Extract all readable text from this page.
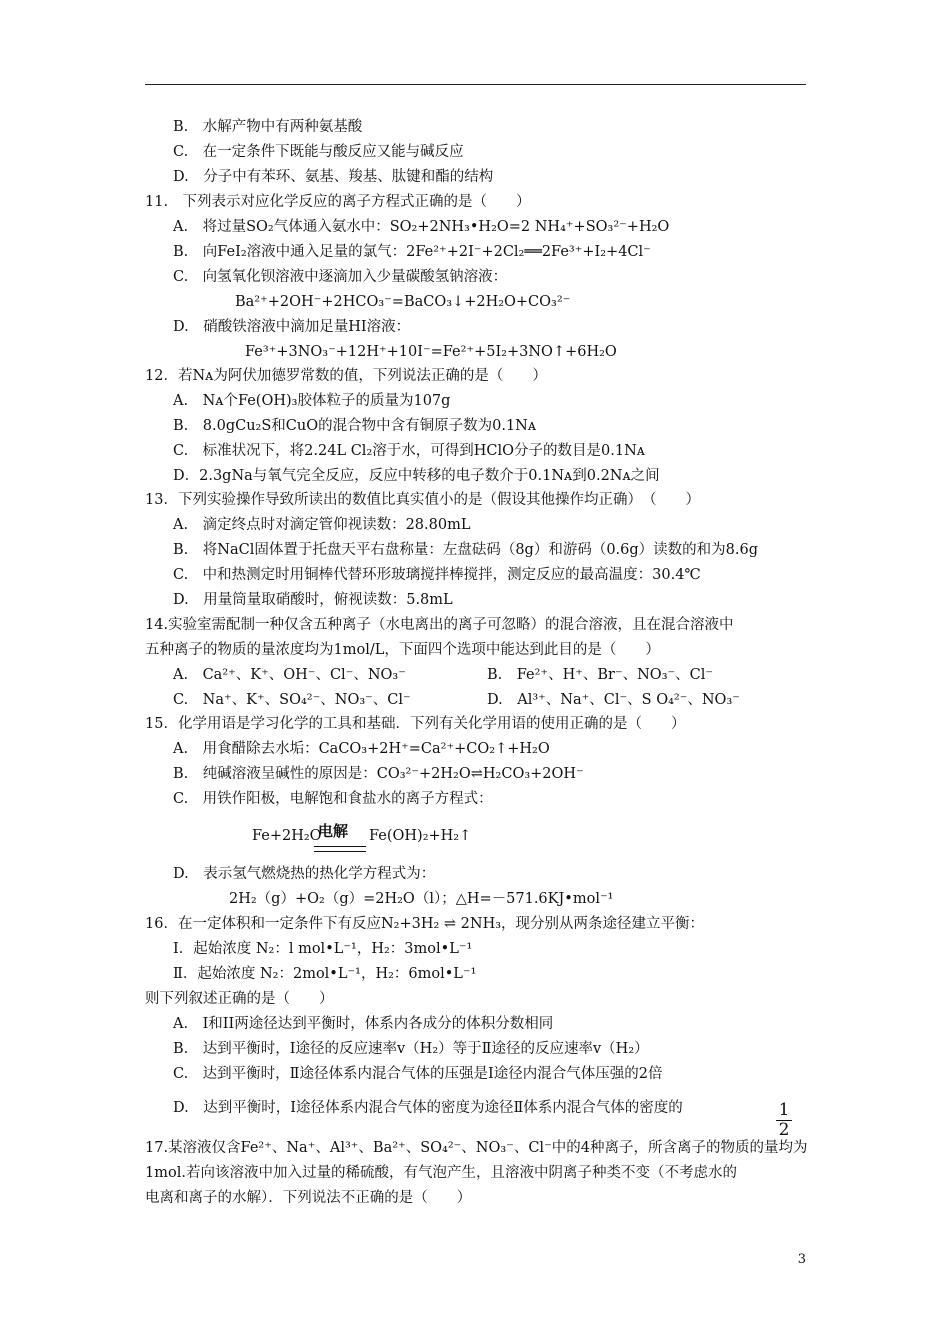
B.　水解产物中有两种氨基酸
C.　在一定条件下既能与酸反应又能与碱反应
D.　分子中有苯环、氨基、羧基、肽键和酯的结构
11.　下列表示对应化学反应的离子方程式正确的是（　　）
A.　将过量SO₂气体通入氨水中：SO₂+2NH₃•H₂O=2 NH₄⁺+SO₃²⁻+H₂O
B.　向FeI₂溶液中通入足量的氯气：2Fe²⁺+2I⁻+2Cl₂══2Fe³⁺+I₂+4Cl⁻
C.　向氢氧化钡溶液中逐滴加入少量碳酸氢钠溶液：
Ba²⁺+2OH⁻+2HCO₃⁻=BaCO₃↓+2H₂O+CO₃²⁻
D.　硝酸铁溶液中滴加足量HI溶液：
Fe³⁺+3NO₃⁻+12H⁺+10I⁻=Fe²⁺+5I₂+3NO↑+6H₂O
12．若Nᴀ为阿伏加德罗常数的值，下列说法正确的是（　　）
A.　Nᴀ个Fe(OH)₃胶体粒子的质量为107g
B.　8.0gCu₂S和CuO的混合物中含有铜原子数为0.1Nᴀ
C.　标准状况下，将2.24L Cl₂溶于水，可得到HClO分子的数目是0.1Nᴀ
D．2.3gNa与氧气完全反应，反应中转移的电子数介于0.1Nᴀ到0.2Nᴀ之间
13．下列实验操作导致所读出的数值比真实值小的是（假设其他操作均正确）　（　　）
A.　滴定终点时对滴定管仰视读数：28.80mL
B.　将NaCl固体置于托盘天平右盘称量：左盘砝码（8g）和游码（0.6g）读数的和为8.6g
C.　中和热测定时用铜棒代替环形玻璃搅拌棒搅拌，测定反应的最高温度：30.4℃
D.　用量筒量取硝酸时，俯视读数：5.8mL
14.实验室需配制一种仅含五种离子（水电离出的离子可忽略）的混合溶液，且在混合溶液中
五种离子的物质的量浓度均为1mol/L，下面四个选项中能达到此目的是（　　）
A.　Ca²⁺、K⁺、OH⁻、Cl⁻、NO₃⁻	B.　Fe²⁺、H⁺、Br⁻、NO₃⁻、Cl⁻
C.　Na⁺、K⁺、SO₄²⁻、NO₃⁻、Cl⁻	D.　Al³⁺、Na⁺、Cl⁻、S O₄²⁻、NO₃⁻
15．化学用语是学习化学的工具和基础．下列有关化学用语的使用正确的是（　　）
A.　用食醋除去水垢：CaCO₃+2H⁺=Ca²⁺+CO₂↑+H₂O
B.　纯碱溶液呈碱性的原因是：CO₃²⁻+2H₂O⇌H₂CO₃+2OH⁻
C.　用铁作阳极，电解饱和食盐水的离子方程式：
Fe+2H₂O	Fe(OH)₂+H₂↑
D.　表示氢气燃烧热的热化学方程式为：
2H₂（g）+O₂（g）=2H₂O（l）；△H=－571.6KJ•mol⁻¹
16．在一定体积和一定条件下有反应N₂+3H₂ ⇌ 2NH₃，现分别从两条途径建立平衡：
Ⅰ．起始浓度 N₂：l mol•L⁻¹，H₂：3mol•L⁻¹
Ⅱ．起始浓度 N₂：2mol•L⁻¹，H₂：6mol•L⁻¹
则下列叙述正确的是（　　）
A.　Ⅰ和II两途径达到平衡时，体系内各成分的体积分数相同
B.　达到平衡时，Ⅰ途径的反应速率v（H₂）等于Ⅱ途径的反应速率v（H₂）
C.　达到平衡时，Ⅱ途径体系内混合气体的压强是Ⅰ途径内混合气体压强的2倍
D.　达到平衡时，Ⅰ途径体系内混合气体的密度为途径Ⅱ体系内混合气体的密度的
17.某溶液仅含Fe²⁺、Na⁺、Al³⁺、Ba²⁺、SO₄²⁻、NO₃⁻、Cl⁻中的4种离子，所含离子的物质的量均为
1mol.若向该溶液中加入过量的稀硫酸，有气泡产生，且溶液中阴离子种类不变（不考虑水的
电离和离子的水解）．下列说法不正确的是（　　）
电解
1
2
3
